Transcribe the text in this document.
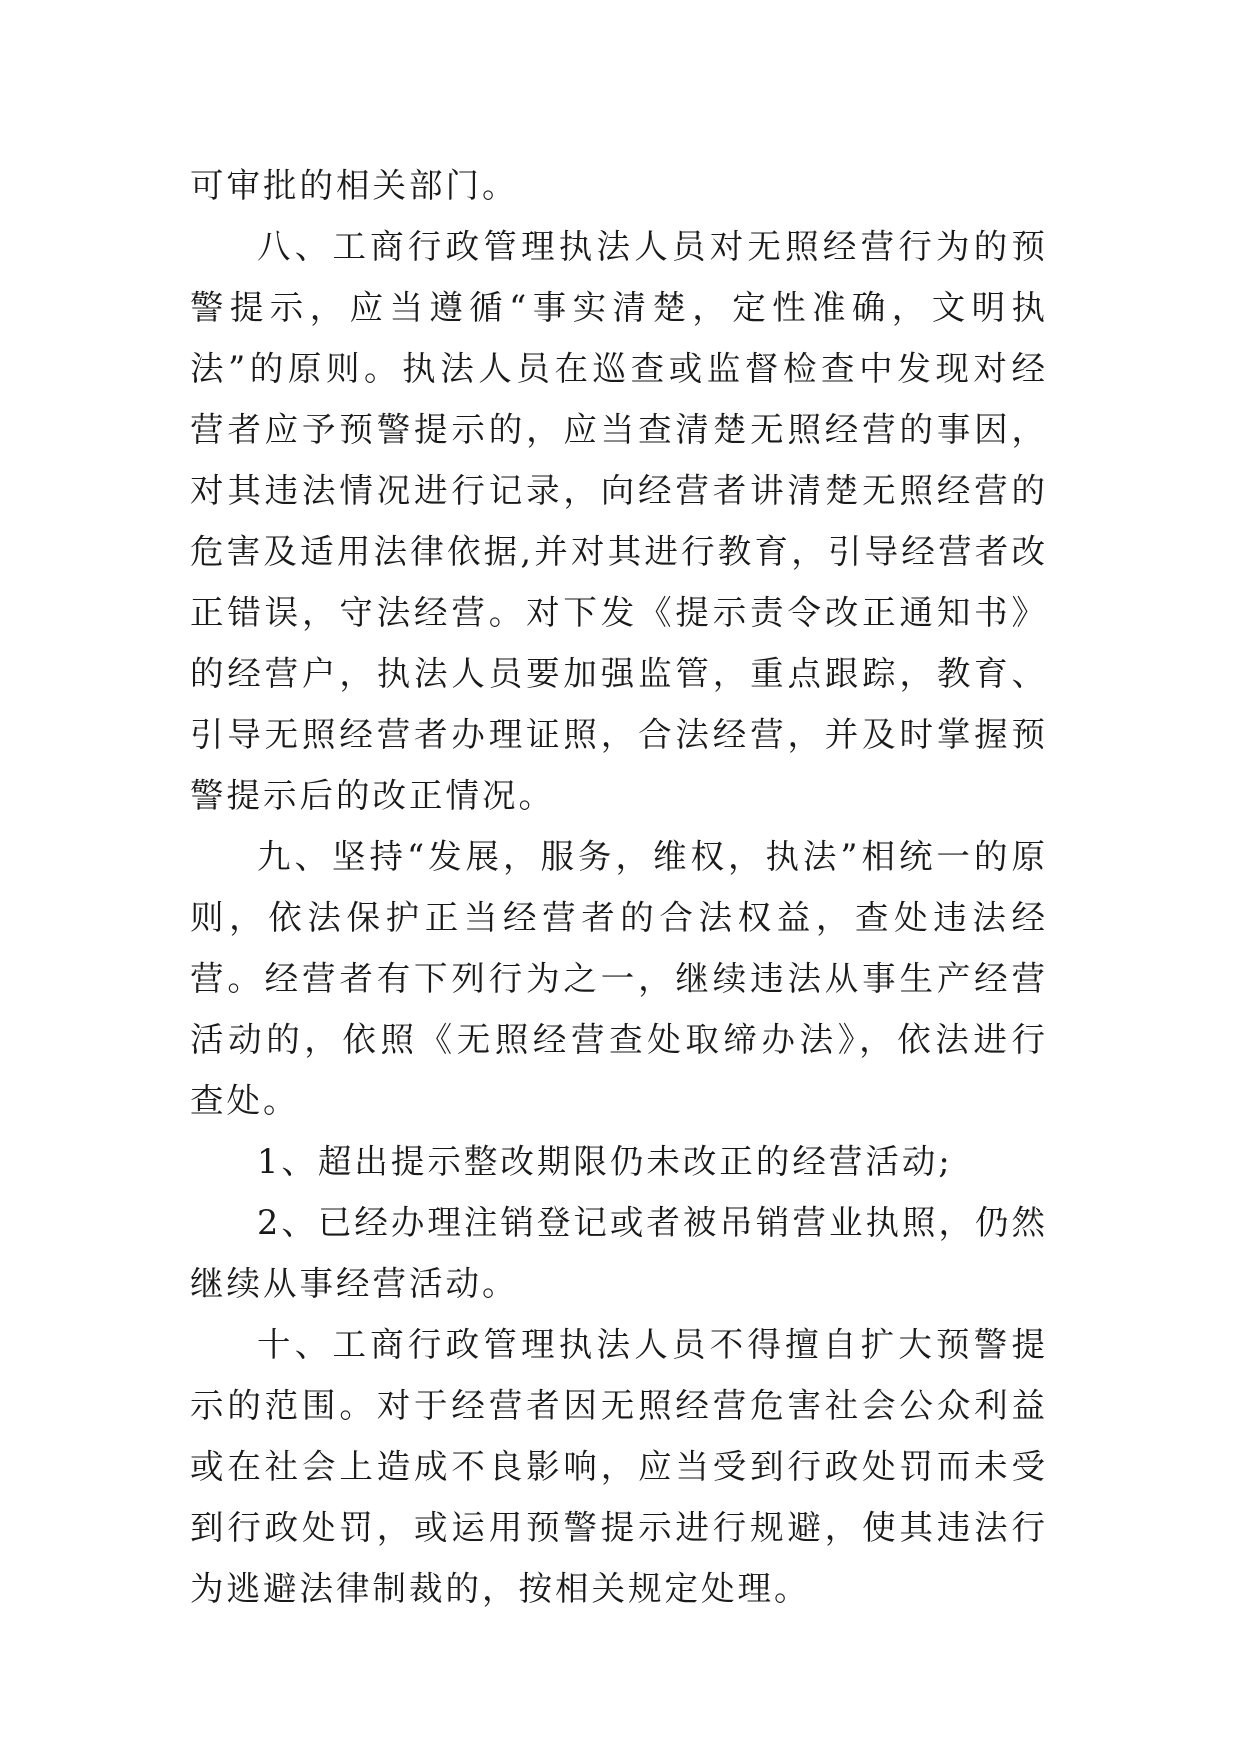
可审批的相关部门。

八、工商行政管理执法人员对无照经营行为的预警提示，应当遵循“事实清楚，定性准确，文明执法”的原则。执法人员在巡查或监督检查中发现对经营者应予预警提示的，应当查清楚无照经营的事因，对其违法情况进行记录，向经营者讲清楚无照经营的危害及适用法律依据,并对其进行教育，引导经营者改正错误，守法经营。对下发《提示责令改正通知书》的经营户，执法人员要加强监管，重点跟踪，教育、引导无照经营者办理证照，合法经营，并及时掌握预警提示后的改正情况。

九、坚持“发展，服务，维权，执法”相统一的原则，依法保护正当经营者的合法权益，查处违法经营。经营者有下列行为之一，继续违法从事生产经营活动的，依照《无照经营查处取缔办法》，依法进行查处。

1、超出提示整改期限仍未改正的经营活动;

2、已经办理注销登记或者被吊销营业执照，仍然继续从事经营活动。

十、工商行政管理执法人员不得擅自扩大预警提示的范围。对于经营者因无照经营危害社会公众利益或在社会上造成不良影响，应当受到行政处罚而未受到行政处罚，或运用预警提示进行规避，使其违法行为逃避法律制裁的，按相关规定处理。
